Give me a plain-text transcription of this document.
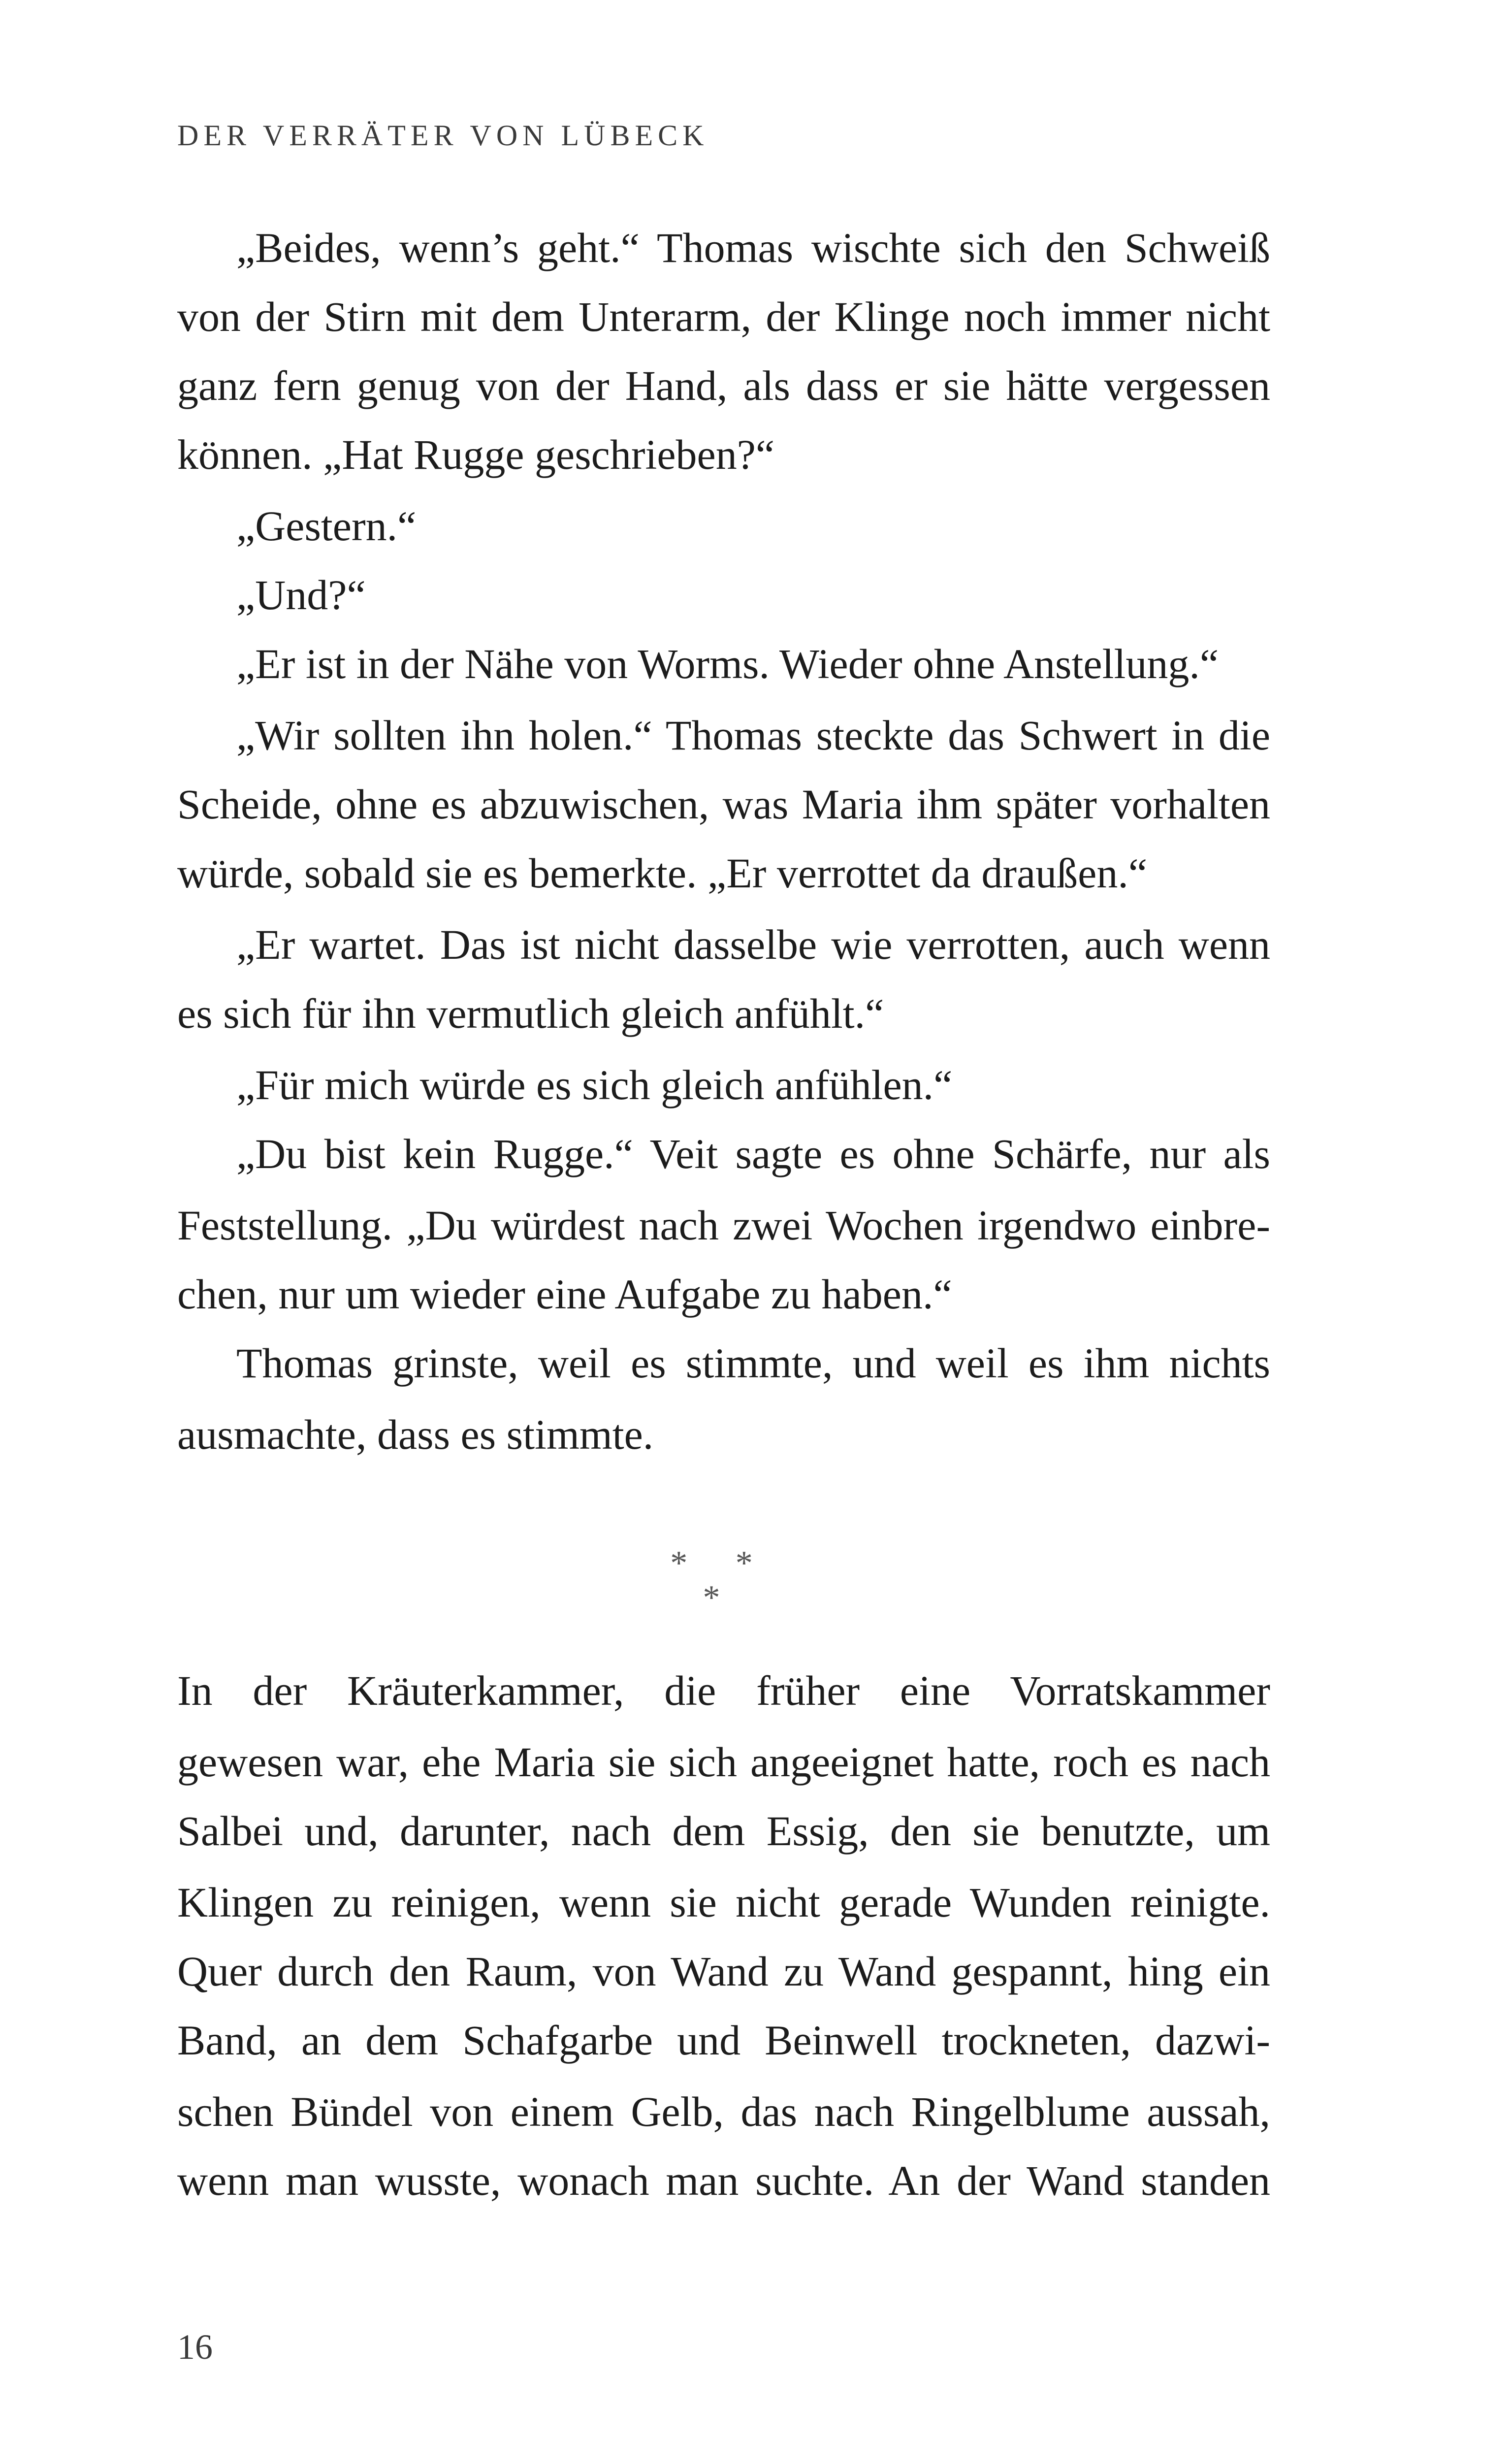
DER VERRÄTER VON LÜBECK
„Beides, wenn’s geht.“ Thomas wischte sich den Schweiß
von der Stirn mit dem Unterarm, der Klinge noch immer nicht
ganz fern genug von der Hand, als dass er sie hätte vergessen
können. „Hat Rugge geschrieben?“
„Gestern.“
„Und?“
„Er ist in der Nähe von Worms. Wieder ohne Anstellung.“
„Wir sollten ihn holen.“ Thomas steckte das Schwert in die
Scheide, ohne es abzuwischen, was Maria ihm später vorhalten
würde, sobald sie es bemerkte. „Er verrottet da draußen.“
„Er wartet. Das ist nicht dasselbe wie verrotten, auch wenn
es sich für ihn vermutlich gleich anfühlt.“
„Für mich würde es sich gleich anfühlen.“
„Du bist kein Rugge.“ Veit sagte es ohne Schärfe, nur als
Feststellung. „Du würdest nach zwei Wochen irgendwo einbre-
chen, nur um wieder eine Aufgabe zu haben.“
Thomas grinste, weil es stimmte, und weil es ihm nichts
ausmachte, dass es stimmte.
In der Kräuterkammer, die früher eine Vorratskammer
gewesen war, ehe Maria sie sich angeeignet hatte, roch es nach
Salbei und, darunter, nach dem Essig, den sie benutzte, um
Klingen zu reinigen, wenn sie nicht gerade Wunden reinigte.
Quer durch den Raum, von Wand zu Wand gespannt, hing ein
Band, an dem Schafgarbe und Beinwell trockneten, dazwi-
schen Bündel von einem Gelb, das nach Ringelblume aussah,
wenn man wusste, wonach man suchte. An der Wand standen
* * *
16
